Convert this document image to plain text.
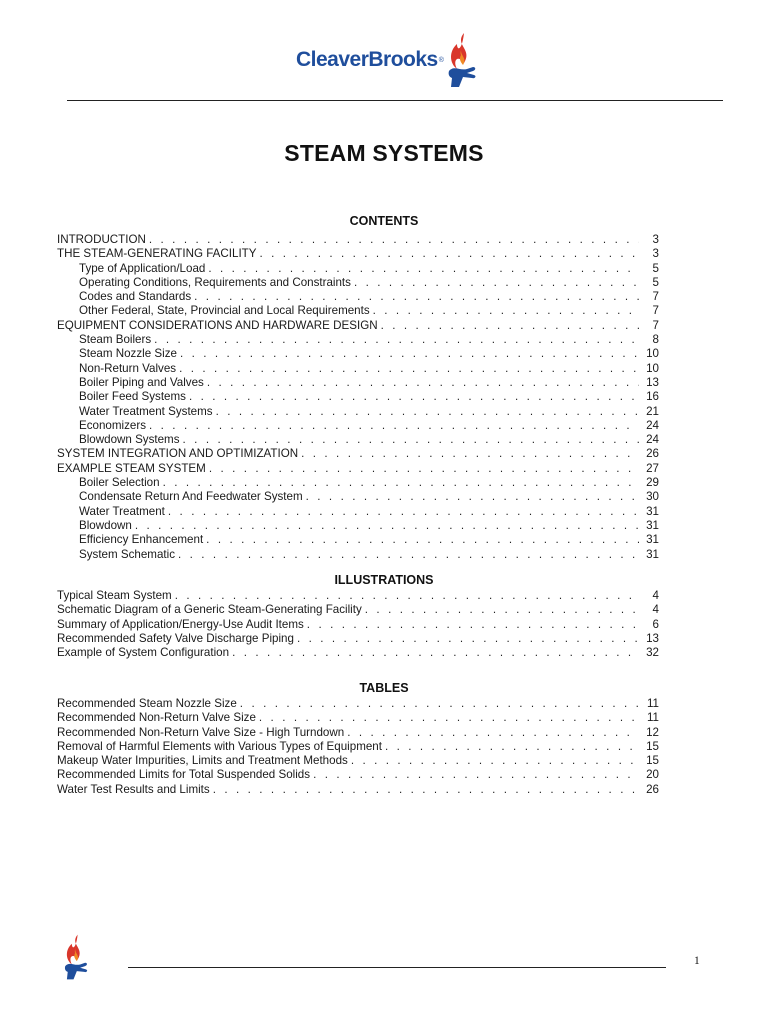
CleaverBrooks ®
STEAM SYSTEMS
CONTENTS
INTRODUCTION . . .	3
THE STEAM-GENERATING FACILITY . . .	3
Type of Application/Load . . .	5
Operating Conditions, Requirements and Constraints . . .	5
Codes and Standards . . .	7
Other Federal, State, Provincial and Local Requirements . . .	7
EQUIPMENT CONSIDERATIONS AND HARDWARE DESIGN . . .	7
Steam Boilers . . .	8
Steam Nozzle Size . . .	10
Non-Return Valves . . .	10
Boiler Piping and Valves . . .	13
Boiler Feed Systems . . .	16
Water Treatment Systems . . .	21
Economizers . . .	24
Blowdown Systems . . .	24
SYSTEM INTEGRATION AND OPTIMIZATION . . .	26
EXAMPLE STEAM SYSTEM . . .	27
Boiler Selection . . .	29
Condensate Return And Feedwater System . . .	30
Water Treatment . . .	31
Blowdown . . .	31
Efficiency Enhancement . . .	31
System Schematic . . .	31
ILLUSTRATIONS
Typical Steam System . . .	4
Schematic Diagram of a Generic Steam-Generating Facility . . .	4
Summary of Application/Energy-Use Audit Items . . .	6
Recommended Safety Valve Discharge Piping . . .	13
Example of System Configuration . . .	32
TABLES
Recommended Steam Nozzle Size . . .	11
Recommended Non-Return Valve Size . . .	11
Recommended Non-Return Valve Size - High Turndown . . .	12
Removal of Harmful Elements with Various Types of Equipment . . .	15
Makeup Water Impurities, Limits and Treatment Methods . . .	15
Recommended Limits for Total Suspended Solids . . .	20
Water Test Results and Limits . . .	26
1
